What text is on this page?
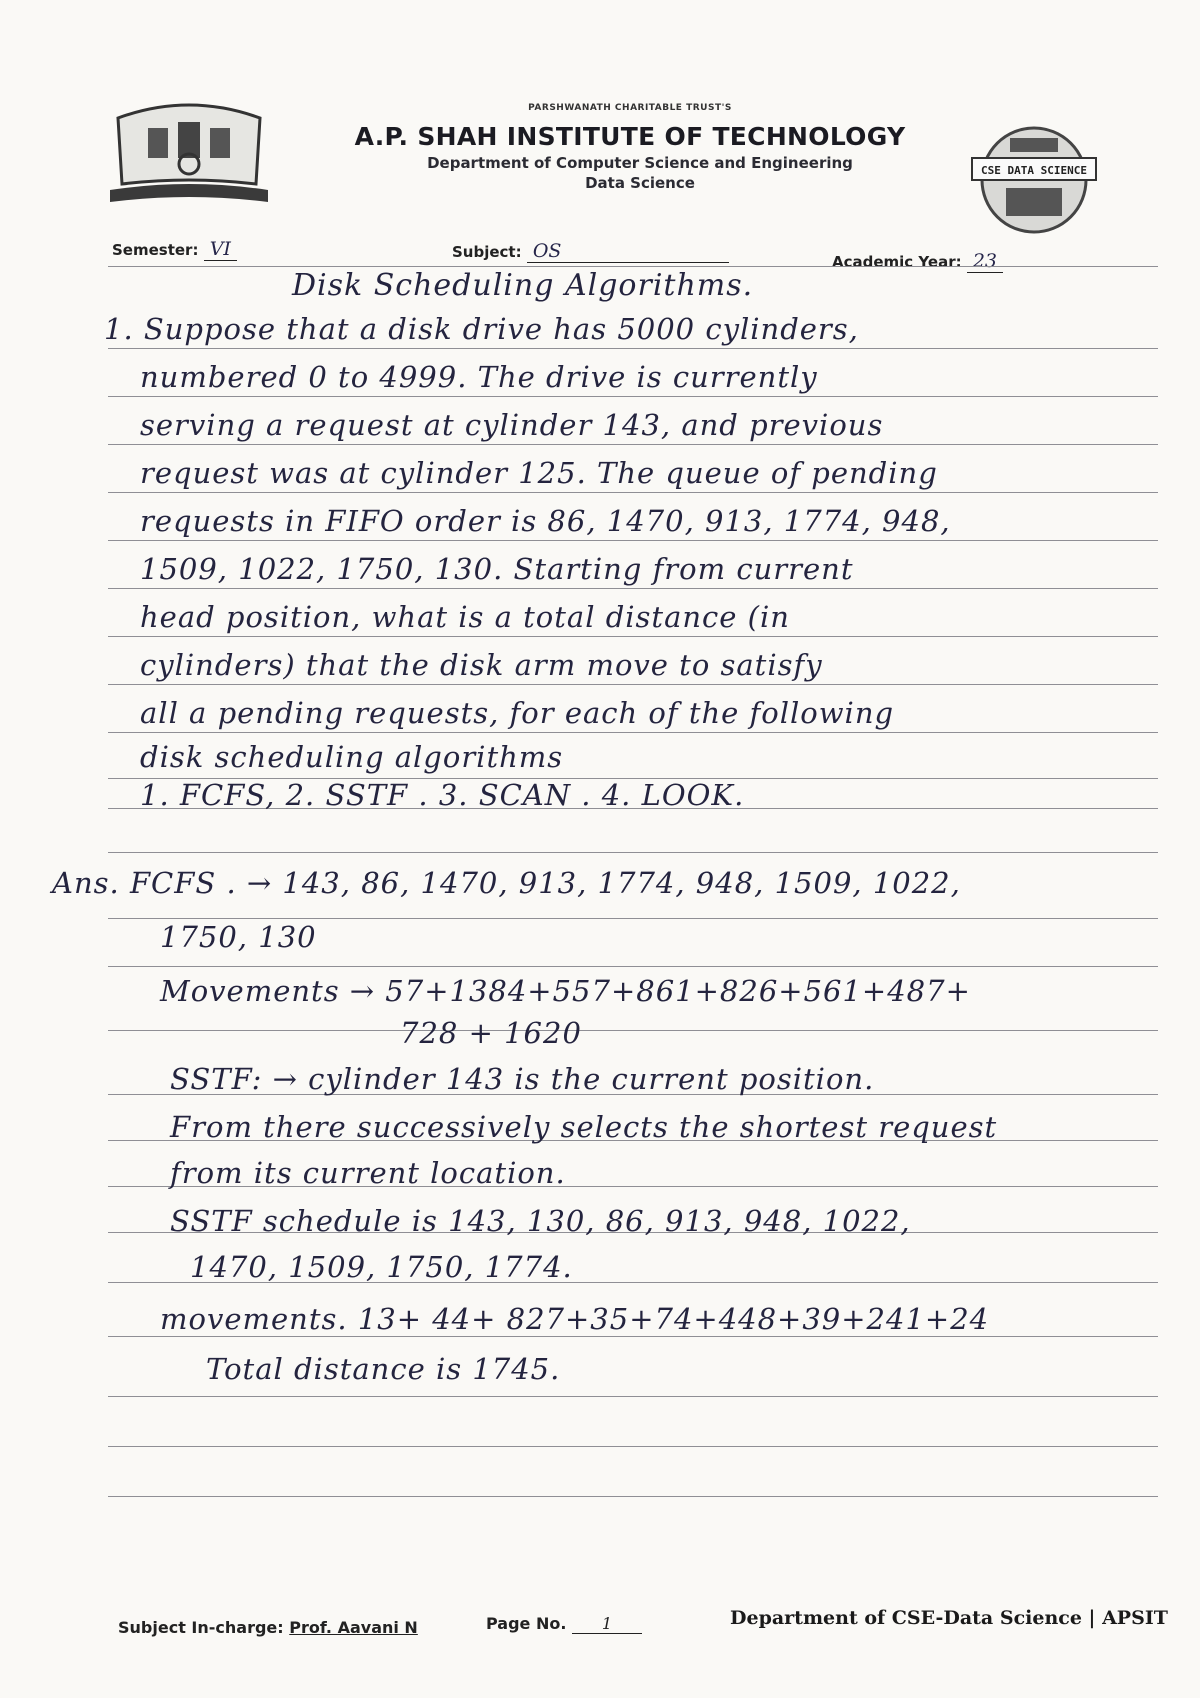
PARSHWANATH CHARITABLE TRUST'S
A.P. SHAH INSTITUTE OF TECHNOLOGY
Department of Computer Science and Engineering
Data Science
CSE DATA SCIENCE
Semester: VI	Subject: OS	Academic Year: 23
Disk Scheduling Algorithms.
1. Suppose that a disk drive has 5000 cylinders,
numbered 0 to 4999. The drive is currently
serving a request at cylinder 143, and previous
request was at cylinder 125. The queue of pending
requests in FIFO order is 86, 1470, 913, 1774, 948,
1509, 1022, 1750, 130. Starting from current
head position, what is a total distance (in
cylinders) that the disk arm move to satisfy
all a pending requests, for each of the following
disk scheduling algorithms
1. FCFS, 2. SSTF . 3. SCAN . 4. LOOK.
Ans. FCFS . → 143, 86, 1470, 913, 1774, 948, 1509, 1022,
1750, 130
Movements → 57+1384+557+861+826+561+487+
728 + 1620
SSTF: → cylinder 143 is the current position.
From there successively selects the shortest request
from its current location.
SSTF schedule is 143, 130, 86, 913, 948, 1022,
1470, 1509, 1750, 1774.
movements. 13+ 44+ 827+35+74+448+39+241+24
Total distance is 1745.
Subject In-charge: Prof. Aavani N	Page No. 1	Department of CSE-Data Science | APSIT
